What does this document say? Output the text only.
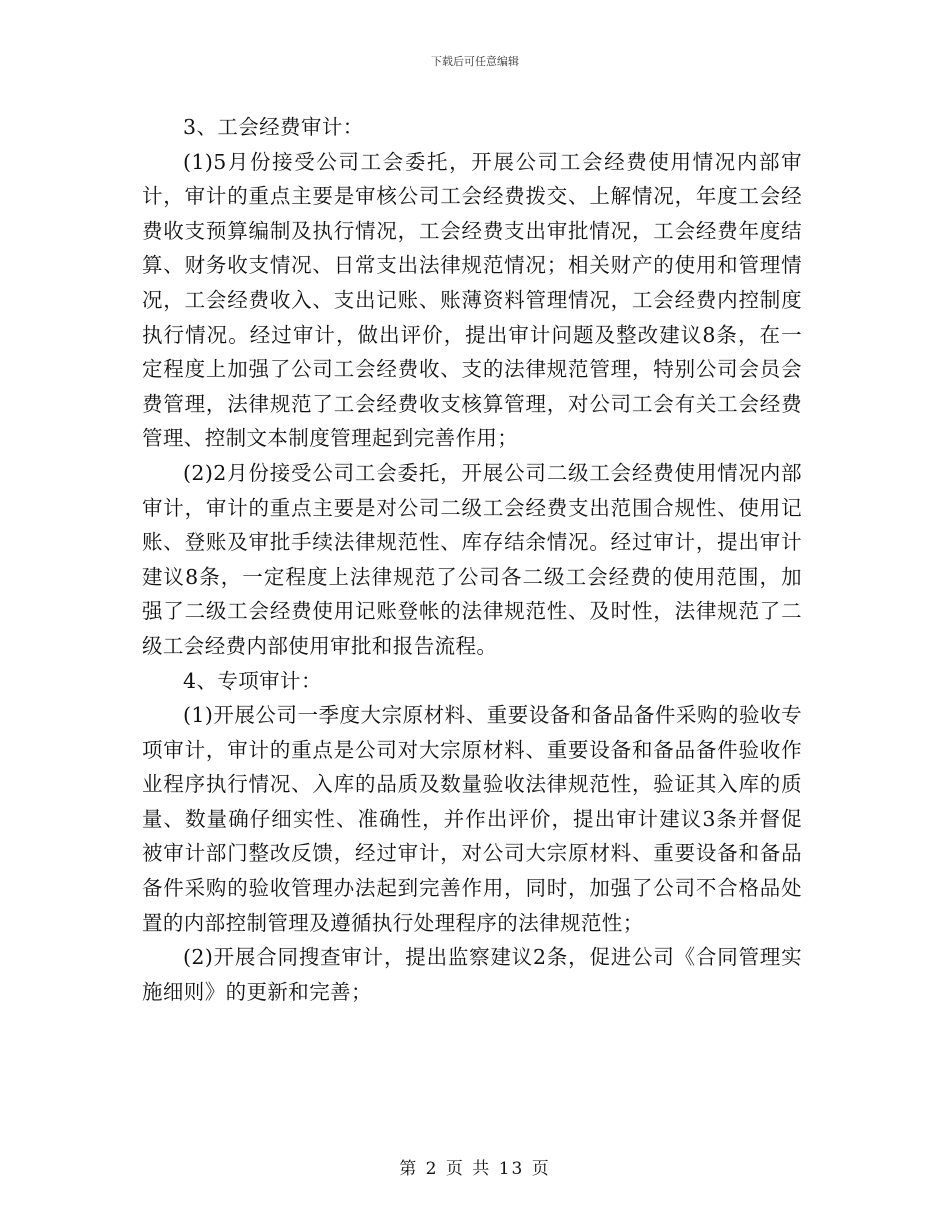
下载后可任意编辑

3、工会经费审计：

(1)5月份接受公司工会委托，开展公司工会经费使用情况内部审计，审计的重点主要是审核公司工会经费拨交、上解情况，年度工会经费收支预算编制及执行情况，工会经费支出审批情况，工会经费年度结算、财务收支情况、日常支出法律规范情况；相关财产的使用和管理情况，工会经费收入、支出记账、账薄资料管理情况，工会经费内控制度执行情况。经过审计，做出评价，提出审计问题及整改建议8条，在一定程度上加强了公司工会经费收、支的法律规范管理，特别公司会员会费管理，法律规范了工会经费收支核算管理，对公司工会有关工会经费管理、控制文本制度管理起到完善作用；

(2)2月份接受公司工会委托，开展公司二级工会经费使用情况内部审计，审计的重点主要是对公司二级工会经费支出范围合规性、使用记账、登账及审批手续法律规范性、库存结余情况。经过审计，提出审计建议8条，一定程度上法律规范了公司各二级工会经费的使用范围，加强了二级工会经费使用记账登帐的法律规范性、及时性，法律规范了二级工会经费内部使用审批和报告流程。

4、专项审计：

(1)开展公司一季度大宗原材料、重要设备和备品备件采购的验收专项审计，审计的重点是公司对大宗原材料、重要设备和备品备件验收作业程序执行情况、入库的品质及数量验收法律规范性，验证其入库的质量、数量确仔细实性、准确性，并作出评价，提出审计建议3条并督促被审计部门整改反馈，经过审计，对公司大宗原材料、重要设备和备品备件采购的验收管理办法起到完善作用，同时，加强了公司不合格品处置的内部控制管理及遵循执行处理程序的法律规范性；

(2)开展合同搜查审计，提出监察建议2条，促进公司《合同管理实施细则》的更新和完善；

第 2 页 共 13 页
